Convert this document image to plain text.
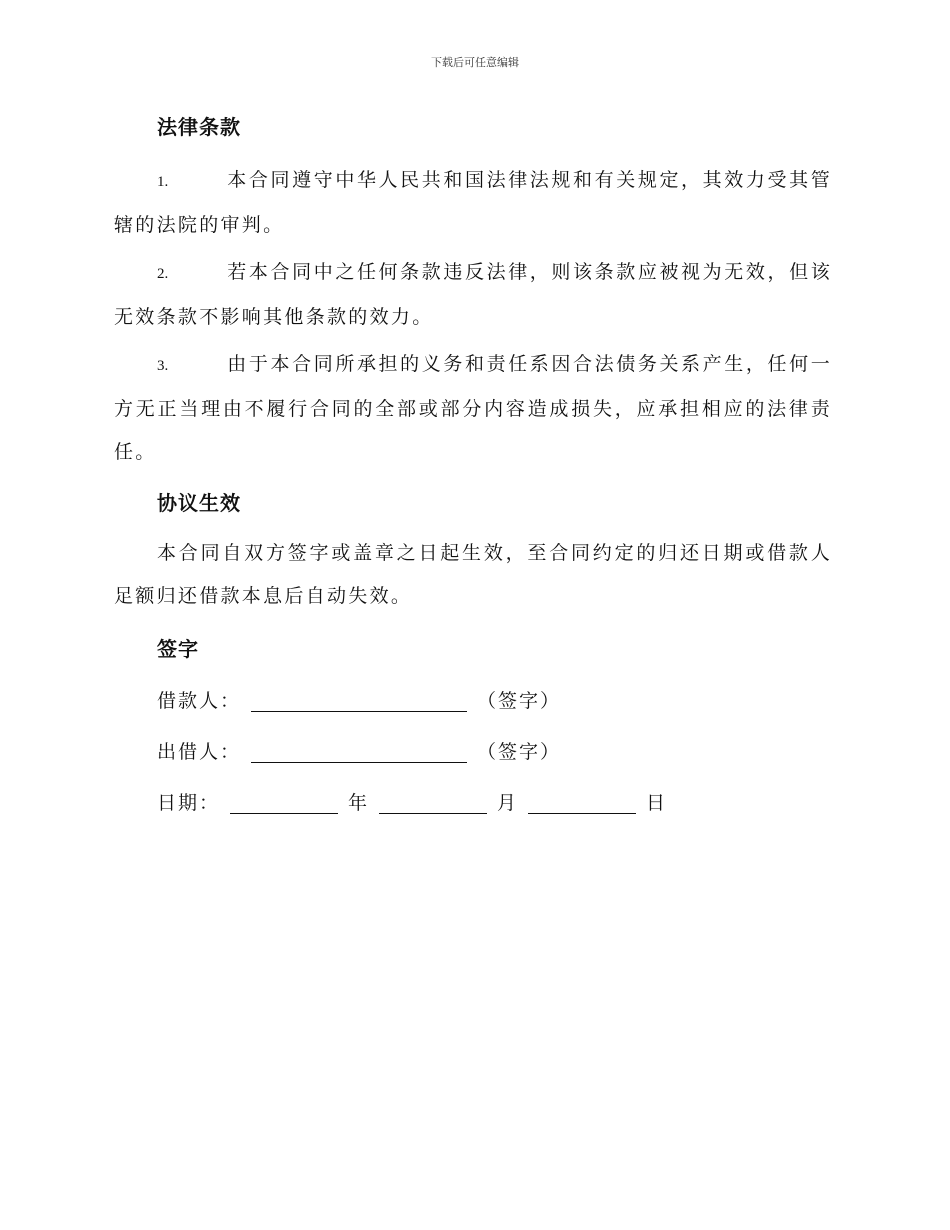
下载后可任意编辑
法律条款
1.	本合同遵守中华人民共和国法律法规和有关规定，其效力受其管辖的法院的审判。
2.	若本合同中之任何条款违反法律，则该条款应被视为无效，但该无效条款不影响其他条款的效力。
3.	由于本合同所承担的义务和责任系因合法债务关系产生，任何一方无正当理由不履行合同的全部或部分内容造成损失，应承担相应的法律责任。
协议生效
本合同自双方签字或盖章之日起生效，至合同约定的归还日期或借款人足额归还借款本息后自动失效。
签字
借款人：	（签字）
出借人：	（签字）
日期：	年	月	日
